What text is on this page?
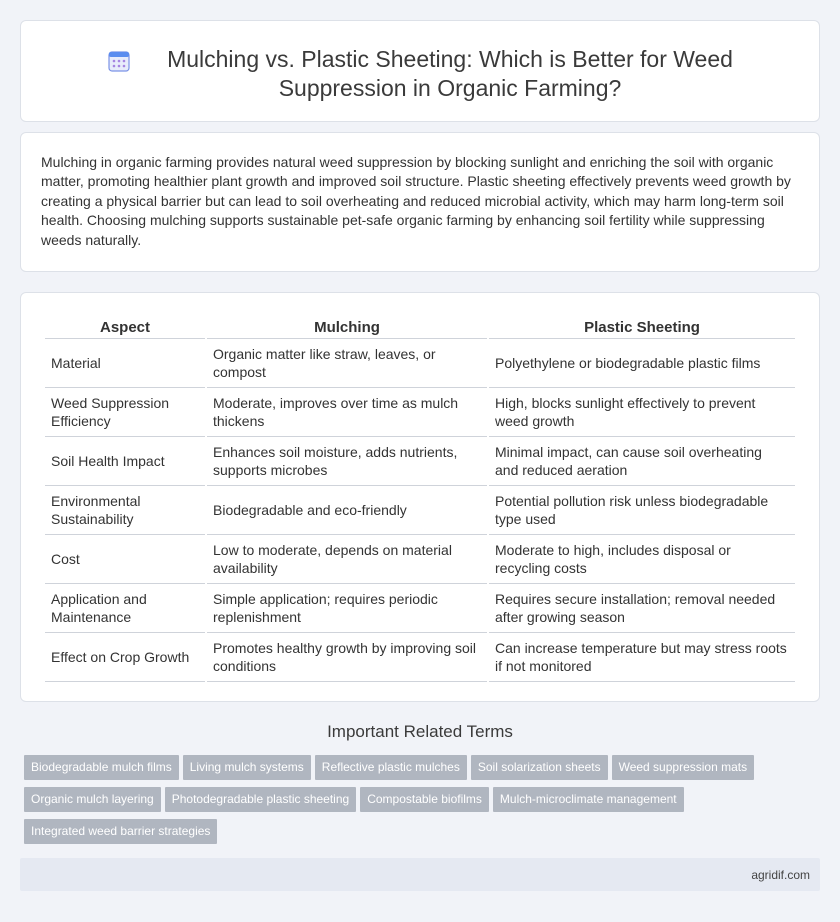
Mulching vs. Plastic Sheeting: Which is Better for Weed Suppression in Organic Farming?

Mulching in organic farming provides natural weed suppression by blocking sunlight and enriching the soil with organic matter, promoting healthier plant growth and improved soil structure. Plastic sheeting effectively prevents weed growth by creating a physical barrier but can lead to soil overheating and reduced microbial activity, which may harm long-term soil health. Choosing mulching supports sustainable pet-safe organic farming by enhancing soil fertility while suppressing weeds naturally.

Aspect	Mulching	Plastic Sheeting
Material	Organic matter like straw, leaves, or compost	Polyethylene or biodegradable plastic films
Weed Suppression Efficiency	Moderate, improves over time as mulch thickens	High, blocks sunlight effectively to prevent weed growth
Soil Health Impact	Enhances soil moisture, adds nutrients, supports microbes	Minimal impact, can cause soil overheating and reduced aeration
Environmental Sustainability	Biodegradable and eco-friendly	Potential pollution risk unless biodegradable type used
Cost	Low to moderate, depends on material availability	Moderate to high, includes disposal or recycling costs
Application and Maintenance	Simple application; requires periodic replenishment	Requires secure installation; removal needed after growing season
Effect on Crop Growth	Promotes healthy growth by improving soil conditions	Can increase temperature but may stress roots if not monitored
Important Related Terms
Biodegradable mulch films Living mulch systems Reflective plastic mulches Soil solarization sheets Weed suppression matsOrganic mulch layering Photodegradable plastic sheeting Compostable biofilms Mulch-microclimate managementIntegrated weed barrier strategies
agridif.com
